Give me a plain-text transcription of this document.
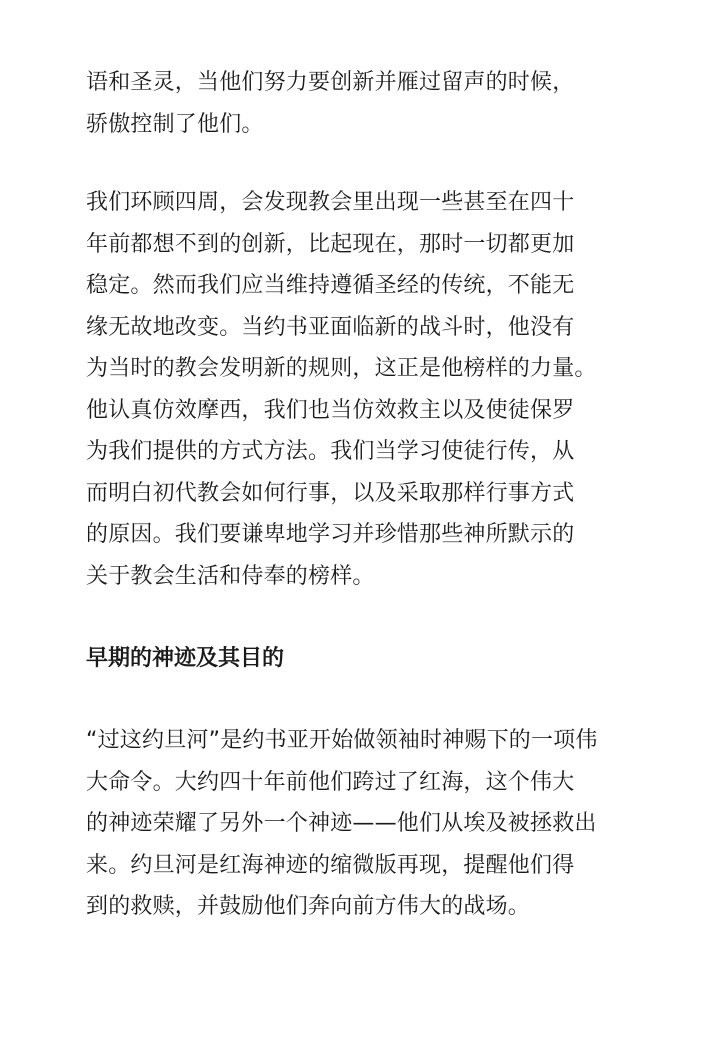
语和圣灵，当他们努力要创新并雁过留声的时候，
骄傲控制了他们。

我们环顾四周，会发现教会里出现一些甚至在四十
年前都想不到的创新，比起现在，那时一切都更加
稳定。然而我们应当维持遵循圣经的传统，不能无
缘无故地改变。当约书亚面临新的战斗时，他没有
为当时的教会发明新的规则，这正是他榜样的力量。
他认真仿效摩西，我们也当仿效救主以及使徒保罗
为我们提供的方式方法。我们当学习使徒行传，从
而明白初代教会如何行事，以及采取那样行事方式
的原因。我们要谦卑地学习并珍惜那些神所默示的
关于教会生活和侍奉的榜样。

早期的神迹及其目的

“过这约旦河”是约书亚开始做领袖时神赐下的一项伟
大命令。大约四十年前他们跨过了红海，这个伟大
的神迹荣耀了另外一个神迹——他们从埃及被拯救出
来。约旦河是红海神迹的缩微版再现，提醒他们得
到的救赎，并鼓励他们奔向前方伟大的战场。
